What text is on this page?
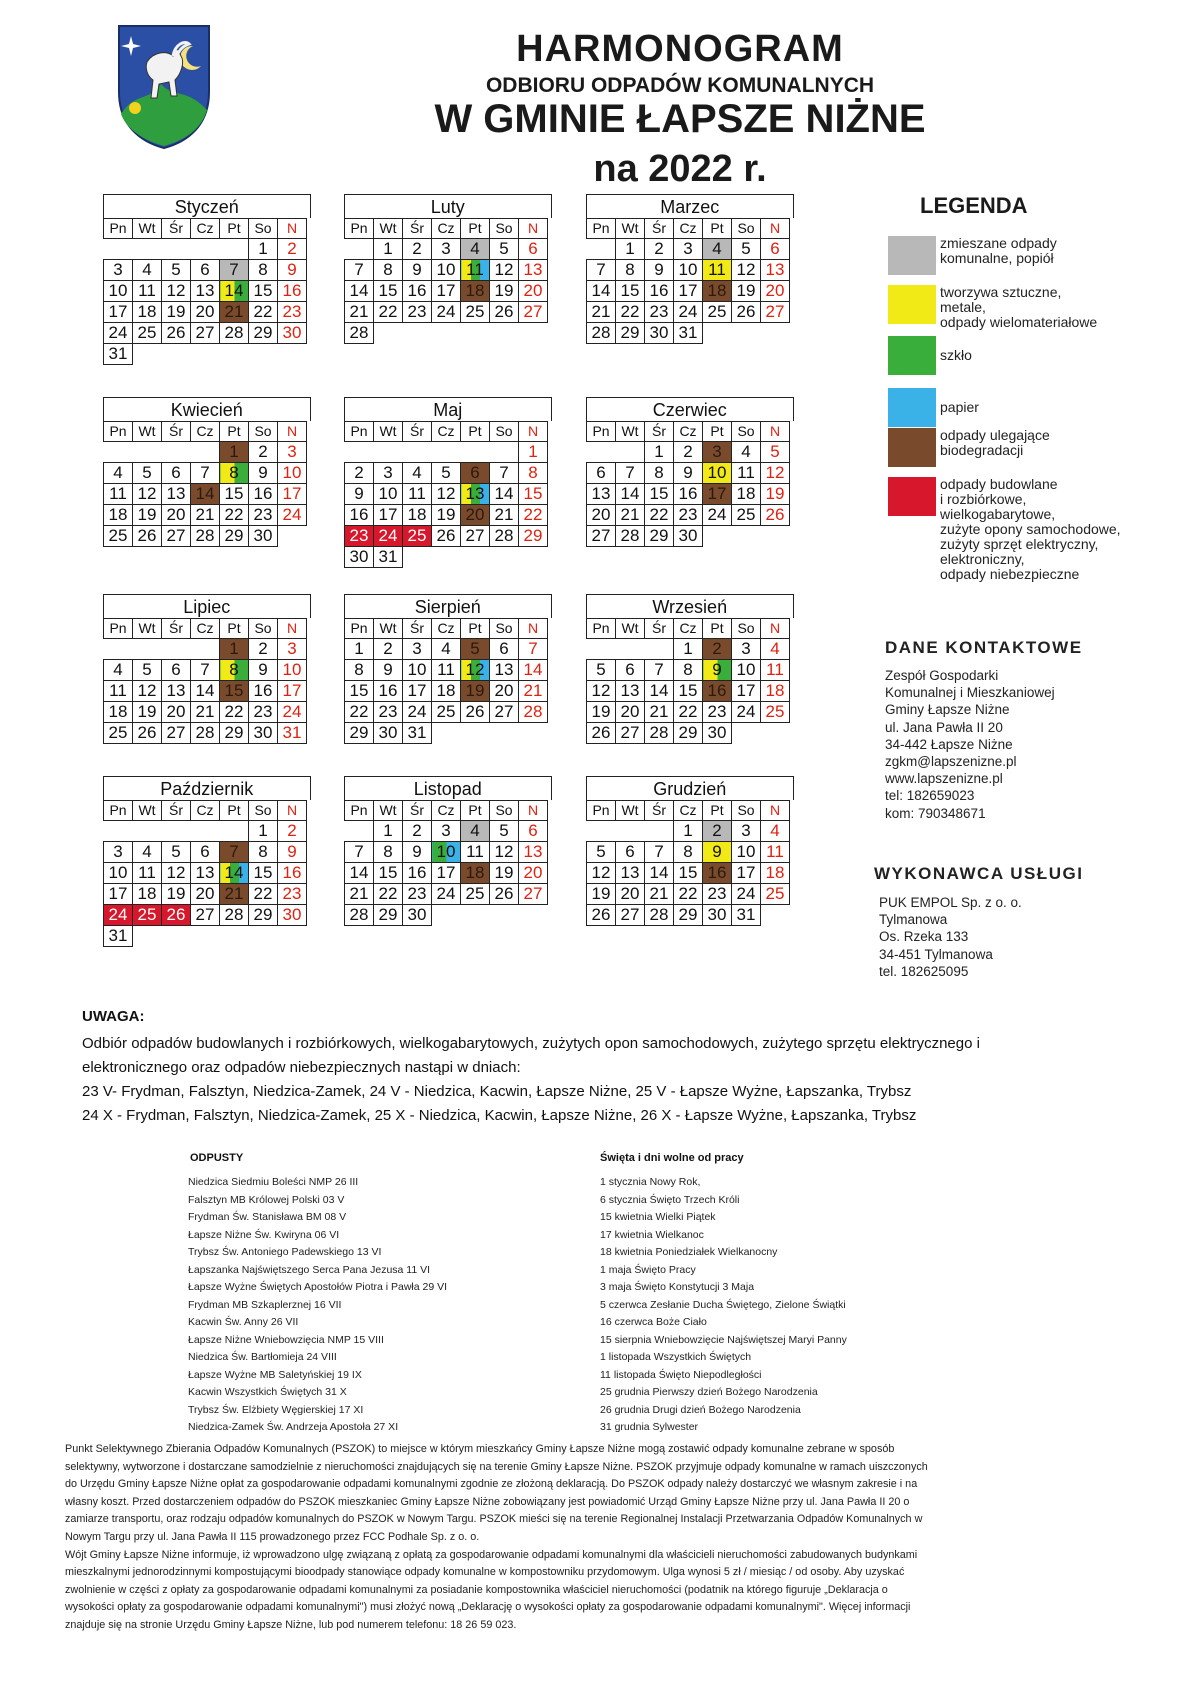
HARMONOGRAM
ODBIORU ODPADÓW KOMUNALNYCH
W GMINIE ŁAPSZE NIŻNE
na 2022 r.
Styczeń
Pn	Wt	Śr	Cz	Pt	So	N
					1	2
3	4	5	6	7	8	9
10	11	12	13	14	15	16
17	18	19	20	21	22	23
24	25	26	27	28	29	30
31						
Luty
Pn	Wt	Śr	Cz	Pt	So	N
	1	2	3	4	5	6
7	8	9	10	11	12	13
14	15	16	17	18	19	20
21	22	23	24	25	26	27
28						
Marzec
Pn	Wt	Śr	Cz	Pt	So	N
	1	2	3	4	5	6
7	8	9	10	11	12	13
14	15	16	17	18	19	20
21	22	23	24	25	26	27
28	29	30	31			
Kwiecień
Pn	Wt	Śr	Cz	Pt	So	N
				1	2	3
4	5	6	7	8	9	10
11	12	13	14	15	16	17
18	19	20	21	22	23	24
25	26	27	28	29	30	
Maj
Pn	Wt	Śr	Cz	Pt	So	N
						1
2	3	4	5	6	7	8
9	10	11	12	13	14	15
16	17	18	19	20	21	22
23	24	25	26	27	28	29
30	31					
Czerwiec
Pn	Wt	Śr	Cz	Pt	So	N
		1	2	3	4	5
6	7	8	9	10	11	12
13	14	15	16	17	18	19
20	21	22	23	24	25	26
27	28	29	30			
Lipiec
Pn	Wt	Śr	Cz	Pt	So	N
				1	2	3
4	5	6	7	8	9	10
11	12	13	14	15	16	17
18	19	20	21	22	23	24
25	26	27	28	29	30	31
Sierpień
Pn	Wt	Śr	Cz	Pt	So	N
1	2	3	4	5	6	7
8	9	10	11	12	13	14
15	16	17	18	19	20	21
22	23	24	25	26	27	28
29	30	31				
Wrzesień
Pn	Wt	Śr	Cz	Pt	So	N
			1	2	3	4
5	6	7	8	9	10	11
12	13	14	15	16	17	18
19	20	21	22	23	24	25
26	27	28	29	30		
Październik
Pn	Wt	Śr	Cz	Pt	So	N
					1	2
3	4	5	6	7	8	9
10	11	12	13	14	15	16
17	18	19	20	21	22	23
24	25	26	27	28	29	30
31						
Listopad
Pn	Wt	Śr	Cz	Pt	So	N
	1	2	3	4	5	6
7	8	9	10	11	12	13
14	15	16	17	18	19	20
21	22	23	24	25	26	27
28	29	30				
Grudzień
Pn	Wt	Śr	Cz	Pt	So	N
			1	2	3	4
5	6	7	8	9	10	11
12	13	14	15	16	17	18
19	20	21	22	23	24	25
26	27	28	29	30	31	
LEGENDA
zmieszane odpady
komunalne, popiół
tworzywa sztuczne,
metale,
odpady wielomateriałowe
szkło
papier
odpady ulegające
biodegradacji
odpady budowlane
i rozbiórkowe,
wielkogabarytowe,
zużyte opony samochodowe,
zużyty sprzęt elektryczny,
elektroniczny,
odpady niebezpieczne
DANE KONTAKTOWE
Zespół Gospodarki
Komunalnej i Mieszkaniowej
Gminy Łapsze Niżne
ul. Jana Pawła II 20
34-442 Łapsze Niżne
zgkm@lapszenizne.pl
www.lapszenizne.pl
tel: 182659023
kom: 790348671
WYKONAWCA USŁUGI
PUK EMPOL Sp. z o. o.
Tylmanowa
Os. Rzeka 133
34-451 Tylmanowa
tel. 182625095
UWAGA:
Odbiór odpadów budowlanych i rozbiórkowych, wielkogabarytowych, zużytych opon samochodowych, zużytego sprzętu elektrycznego i
elektronicznego oraz odpadów niebezpiecznych nastąpi w dniach:
23 V- Frydman, Falsztyn, Niedzica-Zamek, 24 V - Niedzica, Kacwin, Łapsze Niżne, 25 V - Łapsze Wyżne, Łapszanka, Trybsz
24 X - Frydman, Falsztyn, Niedzica-Zamek, 25 X - Niedzica, Kacwin, Łapsze Niżne, 26 X - Łapsze Wyżne, Łapszanka, Trybsz
ODPUSTY
Niedzica Siedmiu Boleści NMP 26 III
Falsztyn MB Królowej Polski 03 V
Frydman Św. Stanisława BM 08 V
Łapsze Niżne Św. Kwiryna 06 VI
Trybsz Św. Antoniego Padewskiego 13 VI
Łapszanka Najświętszego Serca Pana Jezusa 11 VI
Łapsze Wyżne Świętych Apostołów Piotra i Pawła 29 VI
Frydman MB Szkaplerznej 16 VII
Kacwin Św. Anny 26 VII
Łapsze Niżne Wniebowzięcia NMP 15 VIII
Niedzica Św. Bartłomieja 24 VIII
Łapsze Wyżne MB Saletyńskiej 19 IX
Kacwin Wszystkich Świętych 31 X
Trybsz Św. Elżbiety Węgierskiej 17 XI
Niedzica-Zamek Św. Andrzeja Apostoła 27 XI
Święta i dni wolne od pracy
1 stycznia Nowy Rok,
6 stycznia Święto Trzech Króli
15 kwietnia Wielki Piątek
17 kwietnia Wielkanoc
18 kwietnia Poniedziałek Wielkanocny
1 maja Święto Pracy
3 maja Święto Konstytucji 3 Maja
5 czerwca Zesłanie Ducha Świętego, Zielone Świątki
16 czerwca Boże Ciało
15 sierpnia Wniebowzięcie Najświętszej Maryi Panny
1 listopada Wszystkich Świętych
11 listopada Święto Niepodległości
25 grudnia Pierwszy dzień Bożego Narodzenia
26 grudnia Drugi dzień Bożego Narodzenia
31 grudnia Sylwester
Punkt Selektywnego Zbierania Odpadów Komunalnych (PSZOK) to miejsce w którym mieszkańcy Gminy Łapsze Niżne mogą zostawić odpady komunalne zebrane w sposób
selektywny, wytworzone i dostarczane samodzielnie z nieruchomości znajdujących się na terenie Gminy Łapsze Niżne. PSZOK przyjmuje odpady komunalne w ramach uiszczonych
do Urzędu Gminy Łapsze Niżne opłat za gospodarowanie odpadami komunalnymi zgodnie ze złożoną deklaracją. Do PSZOK odpady należy dostarczyć we własnym zakresie i na
własny koszt. Przed dostarczeniem odpadów do PSZOK mieszkaniec Gminy Łapsze Niżne zobowiązany jest powiadomić Urząd Gminy Łapsze Niżne przy ul. Jana Pawła II 20 o
zamiarze transportu, oraz rodzaju odpadów komunalnych do PSZOK w Nowym Targu. PSZOK mieści się na terenie Regionalnej Instalacji Przetwarzania Odpadów Komunalnych w
Nowym Targu przy ul. Jana Pawła II 115 prowadzonego przez FCC Podhale Sp. z o. o.
Wójt Gminy Łapsze Niżne informuje, iż wprowadzono ulgę związaną z opłatą za gospodarowanie odpadami komunalnymi dla właścicieli nieruchomości zabudowanych budynkami
mieszkalnymi jednorodzinnymi kompostującymi bioodpady stanowiące odpady komunalne w kompostowniku przydomowym. Ulga wynosi 5 zł / miesiąc / od osoby. Aby uzyskać
zwolnienie w części z opłaty za gospodarowanie odpadami komunalnymi za posiadanie kompostownika właściciel nieruchomości (podatnik na którego figuruje „Deklaracja o
wysokości opłaty za gospodarowanie odpadami komunalnymi") musi złożyć nową „Deklarację o wysokości opłaty za gospodarowanie odpadami komunalnymi". Więcej informacji
znajduje się na stronie Urzędu Gminy Łapsze Niżne, lub pod numerem telefonu: 18 26 59 023.
